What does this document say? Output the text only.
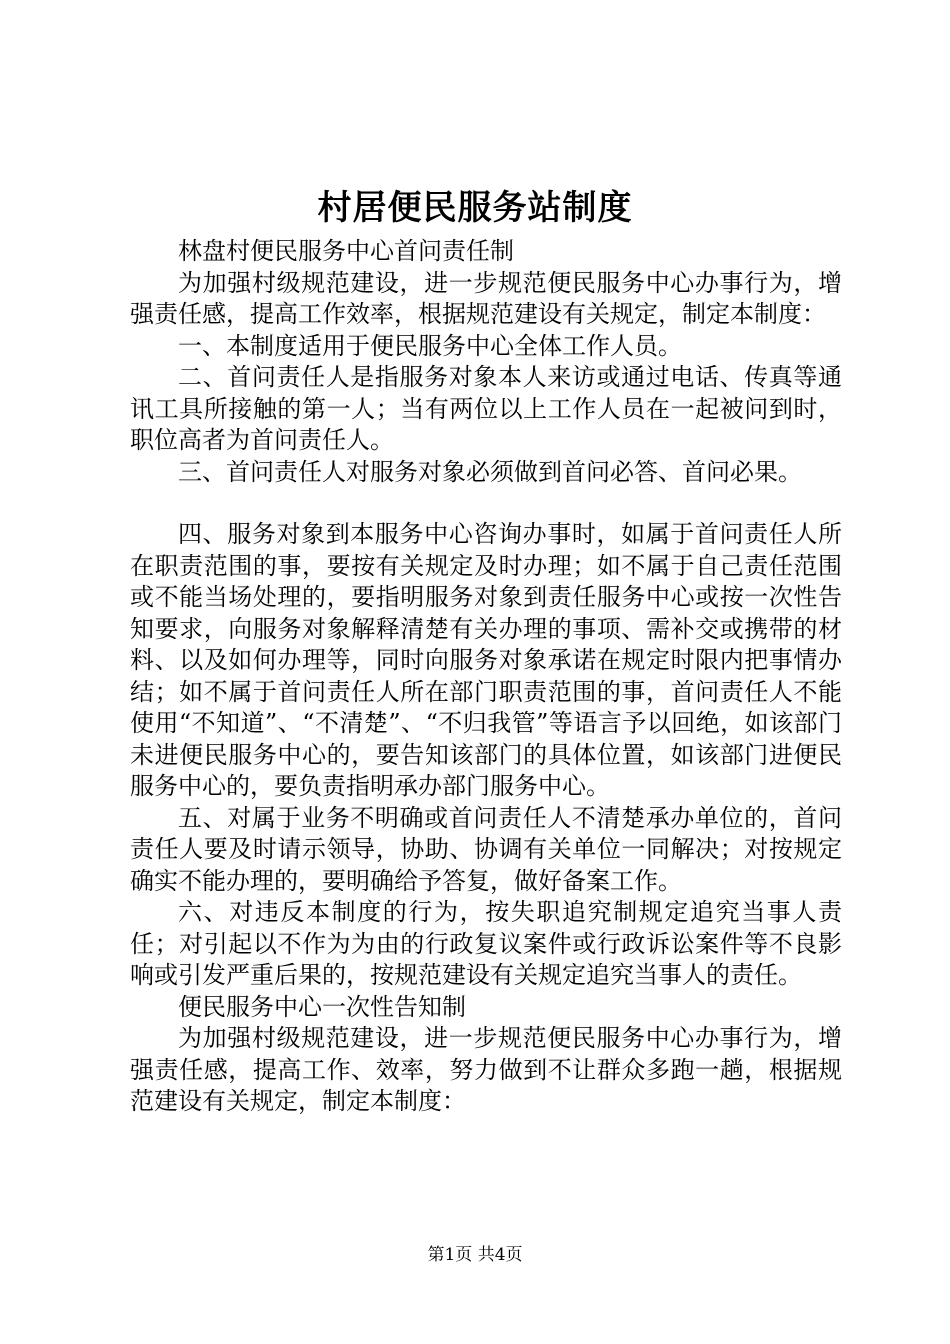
村居便民服务站制度

林盘村便民服务中心首问责任制

为加强村级规范建设，进一步规范便民服务中心办事行为，增强责任感，提高工作效率，根据规范建设有关规定，制定本制度：

一、本制度适用于便民服务中心全体工作人员。

二、首问责任人是指服务对象本人来访或通过电话、传真等通讯工具所接触的第一人；当有两位以上工作人员在一起被问到时，职位高者为首问责任人。

三、首问责任人对服务对象必须做到首问必答、首问必果。

四、服务对象到本服务中心咨询办事时，如属于首问责任人所在职责范围的事，要按有关规定及时办理；如不属于自己责任范围或不能当场处理的，要指明服务对象到责任服务中心或按一次性告知要求，向服务对象解释清楚有关办理的事项、需补交或携带的材料、以及如何办理等，同时向服务对象承诺在规定时限内把事情办结；如不属于首问责任人所在部门职责范围的事，首问责任人不能使用“不知道”、“不清楚”、“不归我管”等语言予以回绝，如该部门未进便民服务中心的，要告知该部门的具体位置，如该部门进便民服务中心的，要负责指明承办部门服务中心。

五、对属于业务不明确或首问责任人不清楚承办单位的，首问责任人要及时请示领导，协助、协调有关单位一同解决；对按规定确实不能办理的，要明确给予答复，做好备案工作。

六、对违反本制度的行为，按失职追究制规定追究当事人责任；对引起以不作为为由的行政复议案件或行政诉讼案件等不良影响或引发严重后果的，按规范建设有关规定追究当事人的责任。

便民服务中心一次性告知制

为加强村级规范建设，进一步规范便民服务中心办事行为，增强责任感，提高工作、效率，努力做到不让群众多跑一趟，根据规范建设有关规定，制定本制度：

第1页 共4页
